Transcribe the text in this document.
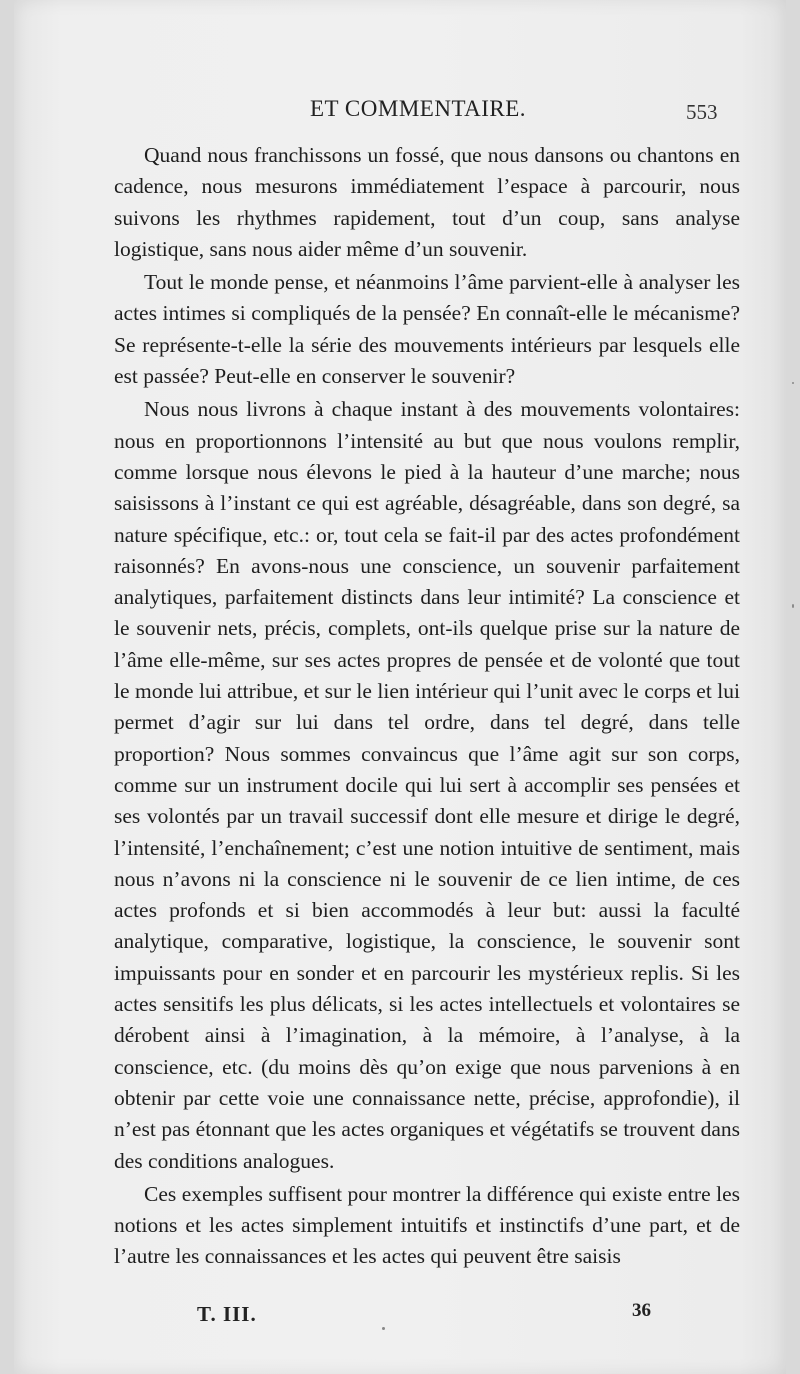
ET COMMENTAIRE.	553

Quand nous franchissons un fossé, que nous dansons ou chantons en cadence, nous mesurons immédiatement l’espace à parcourir, nous suivons les rhythmes rapidement, tout d’un coup, sans analyse logistique, sans nous aider même d’un souvenir.

Tout le monde pense, et néanmoins l’âme parvient-elle à analyser les actes intimes si compliqués de la pensée? En connaît-elle le mécanisme? Se représente-t-elle la série des mouvements intérieurs par lesquels elle est passée? Peut-elle en conserver le souvenir?

Nous nous livrons à chaque instant à des mouvements volontaires: nous en proportionnons l’intensité au but que nous voulons remplir, comme lorsque nous élevons le pied à la hauteur d’une marche; nous saisissons à l’instant ce qui est agréable, désagréable, dans son degré, sa nature spécifique, etc.: or, tout cela se fait-il par des actes profondément raisonnés? En avons-nous une conscience, un souvenir parfaitement analytiques, parfaitement distincts dans leur intimité? La conscience et le souvenir nets, précis, complets, ont-ils quelque prise sur la nature de l’âme elle-même, sur ses actes propres de pensée et de volonté que tout le monde lui attribue, et sur le lien intérieur qui l’unit avec le corps et lui permet d’agir sur lui dans tel ordre, dans tel degré, dans telle proportion? Nous sommes convaincus que l’âme agit sur son corps, comme sur un instrument docile qui lui sert à accomplir ses pensées et ses volontés par un travail successif dont elle mesure et dirige le degré, l’intensité, l’enchaînement; c’est une notion intuitive de sentiment, mais nous n’avons ni la conscience ni le souvenir de ce lien intime, de ces actes profonds et si bien accommodés à leur but: aussi la faculté analytique, comparative, logistique, la conscience, le souvenir sont impuissants pour en sonder et en parcourir les mystérieux replis. Si les actes sensitifs les plus délicats, si les actes intellectuels et volontaires se dérobent ainsi à l’imagination, à la mémoire, à l’analyse, à la conscience, etc. (du moins dès qu’on exige que nous parvenions à en obtenir par cette voie une connaissance nette, précise, approfondie), il n’est pas étonnant que les actes organiques et végétatifs se trouvent dans des conditions analogues.

Ces exemples suffisent pour montrer la différence qui existe entre les notions et les actes simplement intuitifs et instinctifs d’une part, et de l’autre les connaissances et les actes qui peuvent être saisis

T. III.	36
